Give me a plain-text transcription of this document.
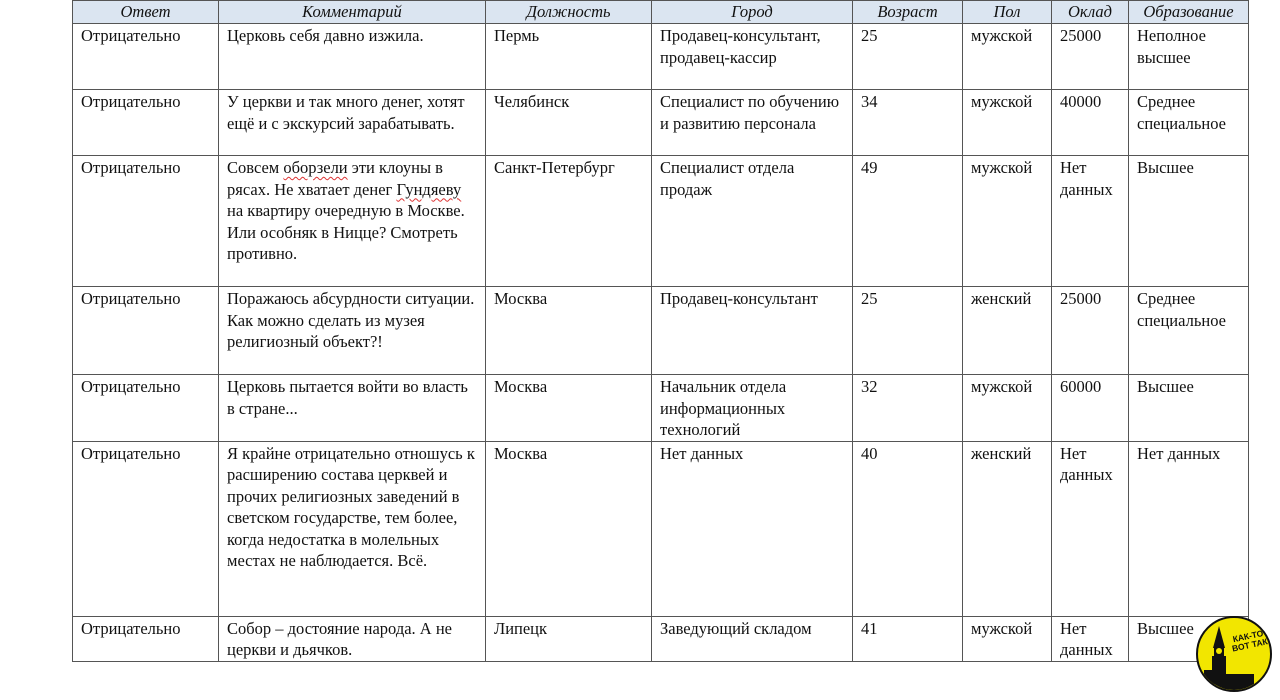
Ответ	Комментарий	Должность	Город	Возраст	Пол	Оклад	Образование
Отрицательно	Церковь себя давно изжила.	Пермь	Продавец-консультант, продавец-кассир	25	мужской	25000	Неполное высшее
Отрицательно	У церкви и так много денег, хотят ещё и с экскурсий зарабатывать.	Челябинск	Специалист по обучению и развитию персонала	34	мужской	40000	Среднее специальное
Отрицательно	Совсем оборзели эти клоуны в рясах. Не хватает денег Гундяеву на квартиру очередную в Москве. Или особняк в Ницце? Смотреть противно.	Санкт-Петербург	Специалист отдела продаж	49	мужской	Нет данных	Высшее
Отрицательно	Поражаюсь абсурдности ситуации. Как можно сделать из музея религиозный объект?!	Москва	Продавец-консультант	25	женский	25000	Среднее специальное
Отрицательно	Церковь пытается войти во власть в стране...	Москва	Начальник отдела информационных технологий	32	мужской	60000	Высшее
Отрицательно	Я крайне отрицательно отношусь к расширению состава церквей и прочих религиозных заведений в светском государстве, тем более, когда недостатка в молельных местах не наблюдается. Всё.	Москва	Нет данных	40	женский	Нет данных	Нет данных
Отрицательно	Собор – достояние народа. А не церкви и дьячков.	Липецк	Заведующий складом	41	мужской	Нет данных	Высшее	КАК-ТО ВОТ ТАК
